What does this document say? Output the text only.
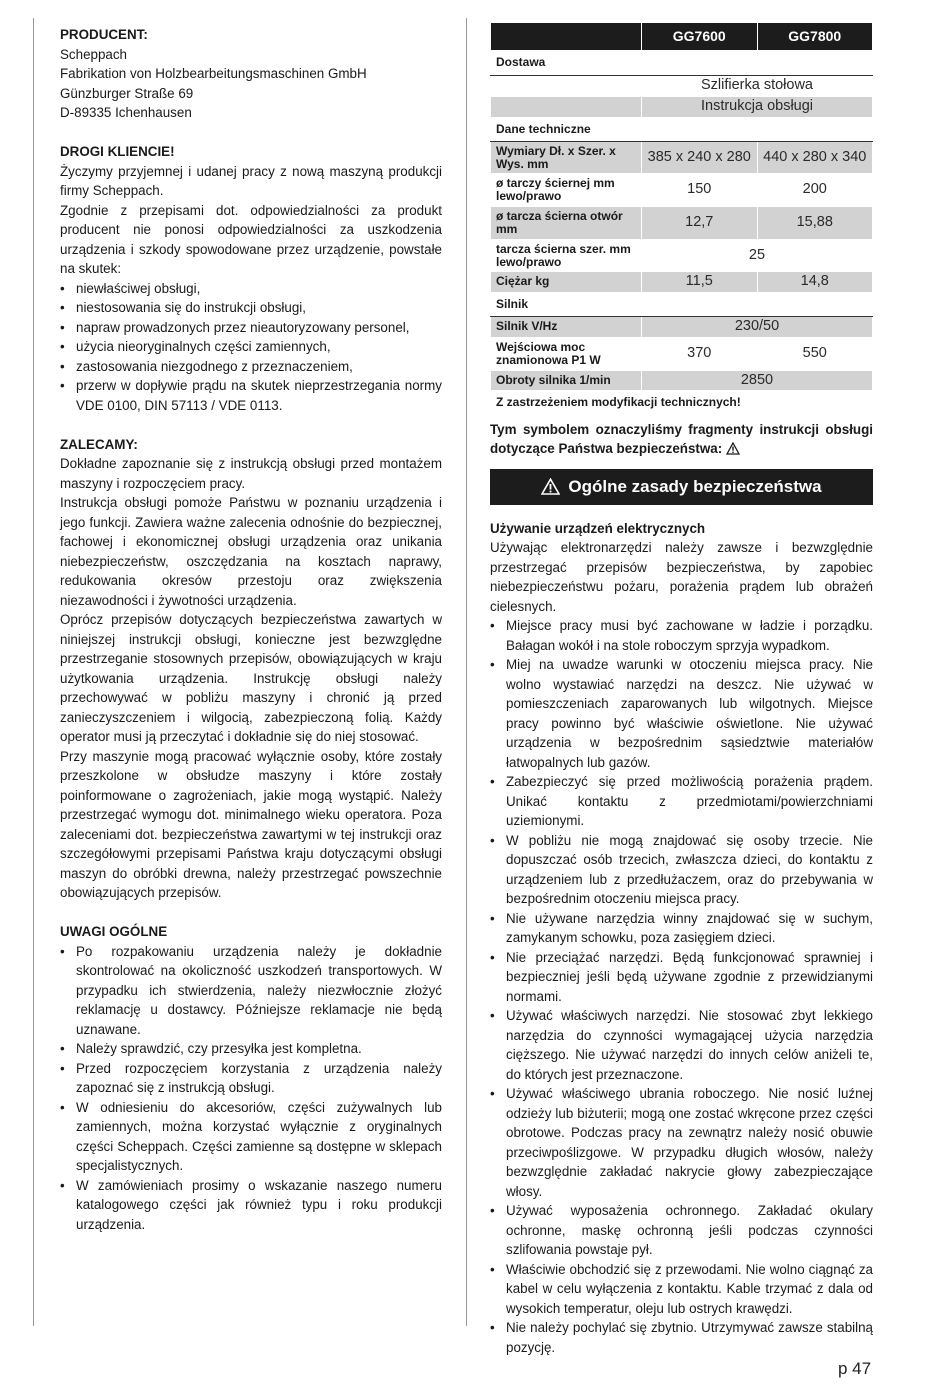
PRODUCENT:

Scheppach

Fabrikation von Holzbearbeitungsmaschinen GmbH

Günzburger Straße 69

D-89335 Ichenhausen

DROGI KLIENCIE!

Życzymy przyjemnej i udanej pracy z nową maszyną produkcji firmy Scheppach.

Zgodnie z przepisami dot. odpowiedzialności za produkt producent nie ponosi odpowiedzialności za uszkodzenia urządzenia i szkody spowodowane przez urządzenie, powstałe na skutek:

• niewłaściwej obsługi,
• niestosowania się do instrukcji obsługi,
• napraw prowadzonych przez nieautoryzowany personel,
• użycia nieoryginalnych części zamiennych,
• zastosowania niezgodnego z przeznaczeniem,
• przerw w dopływie prądu na skutek nieprzestrzegania normy VDE 0100, DIN 57113 / VDE 0113.

ZALECAMY:

Dokładne zapoznanie się z instrukcją obsługi przed montażem maszyny i rozpoczęciem pracy.

Instrukcja obsługi pomoże Państwu w poznaniu urządzenia i jego funkcji. Zawiera ważne zalecenia odnośnie do bezpiecznej, fachowej i ekonomicznej obsługi urządzenia oraz unikania niebezpieczeństw, oszczędzania na kosztach naprawy, redukowania okresów przestoju oraz zwiększenia niezawodności i żywotności urządzenia.

Oprócz przepisów dotyczących bezpieczeństwa zawartych w niniejszej instrukcji obsługi, konieczne jest bezwzględne przestrzeganie stosownych przepisów, obowiązujących w kraju użytkowania urządzenia. Instrukcję obsługi należy przechowywać w pobliżu maszyny i chronić ją przed zanieczyszczeniem i wilgocią, zabezpieczoną folią. Każdy operator musi ją przeczytać i dokładnie się do niej stosować.

Przy maszynie mogą pracować wyłącznie osoby, które zostały przeszkolone w obsłudze maszyny i które zostały poinformowane o zagrożeniach, jakie mogą wystąpić. Należy przestrzegać wymogu dot. minimalnego wieku operatora. Poza zaleceniami dot. bezpieczeństwa zawartymi w tej instrukcji oraz szczegółowymi przepisami Państwa kraju dotyczącymi obsługi maszyn do obróbki drewna, należy przestrzegać powszechnie obowiązujących przepisów.

UWAGI OGÓLNE

• Po rozpakowaniu urządzenia należy je dokładnie skontrolować na okoliczność uszkodzeń transportowych. W przypadku ich stwierdzenia, należy niezwłocznie złożyć reklamację u dostawcy. Późniejsze reklamacje nie będą uznawane.
• Należy sprawdzić, czy przesyłka jest kompletna.
• Przed rozpoczęciem korzystania z urządzenia należy zapoznać się z instrukcją obsługi.
• W odniesieniu do akcesoriów, części zużywalnych lub zamiennych, można korzystać wyłącznie z oryginalnych części Scheppach. Części zamienne są dostępne w sklepach specjalistycznych.
• W zamówieniach prosimy o wskazanie naszego numeru katalogowego części jak również typu i roku produkcji urządzenia.
	GG7600	GG7800
Dostawa		
	Szlifierka stołowa	
	Instrukcja obsługi	
Dane techniczne		
Wymiary Dł. x Szer. x Wys. mm	385 x 240 x 280	440 x 280 x 340
ø tarczy ściernej mm lewo/prawo	150	200
ø tarcza ścierna otwór mm	12,7	15,88
tarcza ścierna szer. mm lewo/prawo	25	
Ciężar kg	11,5	14,8
Silnik		
Silnik V/Hz	230/50	
Wejściowa moc znamionowa P1 W	370	550
Obroty silnika 1/min	2850	
Z zastrzeżeniem modyfikacji technicznych!		

Tym symbolem oznaczyliśmy fragmenty instrukcji obsługi dotyczące Państwa bezpieczeństwa:

Ogólne zasady bezpieczeństwa

Używanie urządzeń elektrycznych

Używając elektronarzędzi należy zawsze i bezwzględnie przestrzegać przepisów bezpieczeństwa, by zapobiec niebezpieczeństwu pożaru, porażenia prądem lub obrażeń cielesnych.

• Miejsce pracy musi być zachowane w ładzie i porządku. Bałagan wokół i na stole roboczym sprzyja wypadkom.
• Miej na uwadze warunki w otoczeniu miejsca pracy. Nie wolno wystawiać narzędzi na deszcz. Nie używać w pomieszczeniach zaparowanych lub wilgotnych. Miejsce pracy powinno być właściwie oświetlone. Nie używać urządzenia w bezpośrednim sąsiedztwie materiałów łatwopalnych lub gazów.
• Zabezpieczyć się przed możliwością porażenia prądem. Unikać kontaktu z przedmiotami/powierzchniami uziemionymi.
• W pobliżu nie mogą znajdować się osoby trzecie. Nie dopuszczać osób trzecich, zwłaszcza dzieci, do kontaktu z urządzeniem lub z przedłużaczem, oraz do przebywania w bezpośrednim otoczeniu miejsca pracy.
• Nie używane narzędzia winny znajdować się w suchym, zamykanym schowku, poza zasięgiem dzieci.
• Nie przeciążać narzędzi. Będą funkcjonować sprawniej i bezpieczniej jeśli będą używane zgodnie z przewidzianymi normami.
• Używać właściwych narzędzi. Nie stosować zbyt lekkiego narzędzia do czynności wymagającej użycia narzędzia cięższego. Nie używać narzędzi do innych celów aniżeli te, do których jest przeznaczone.
• Używać właściwego ubrania roboczego. Nie nosić luźnej odzieży lub biżuterii; mogą one zostać wkręcone przez części obrotowe. Podczas pracy na zewnątrz należy nosić obuwie przeciwpoślizgowe. W przypadku długich włosów, należy bezwzględnie zakładać nakrycie głowy zabezpieczające włosy.
• Używać wyposażenia ochronnego. Zakładać okulary ochronne, maskę ochronną jeśli podczas czynności szlifowania powstaje pył.
• Właściwie obchodzić się z przewodami. Nie wolno ciągnąć za kabel w celu wyłączenia z kontaktu. Kable trzymać z dala od wysokich temperatur, oleju lub ostrych krawędzi.
• Nie należy pochylać się zbytnio. Utrzymywać zawsze stabilną pozycję.
p 47
